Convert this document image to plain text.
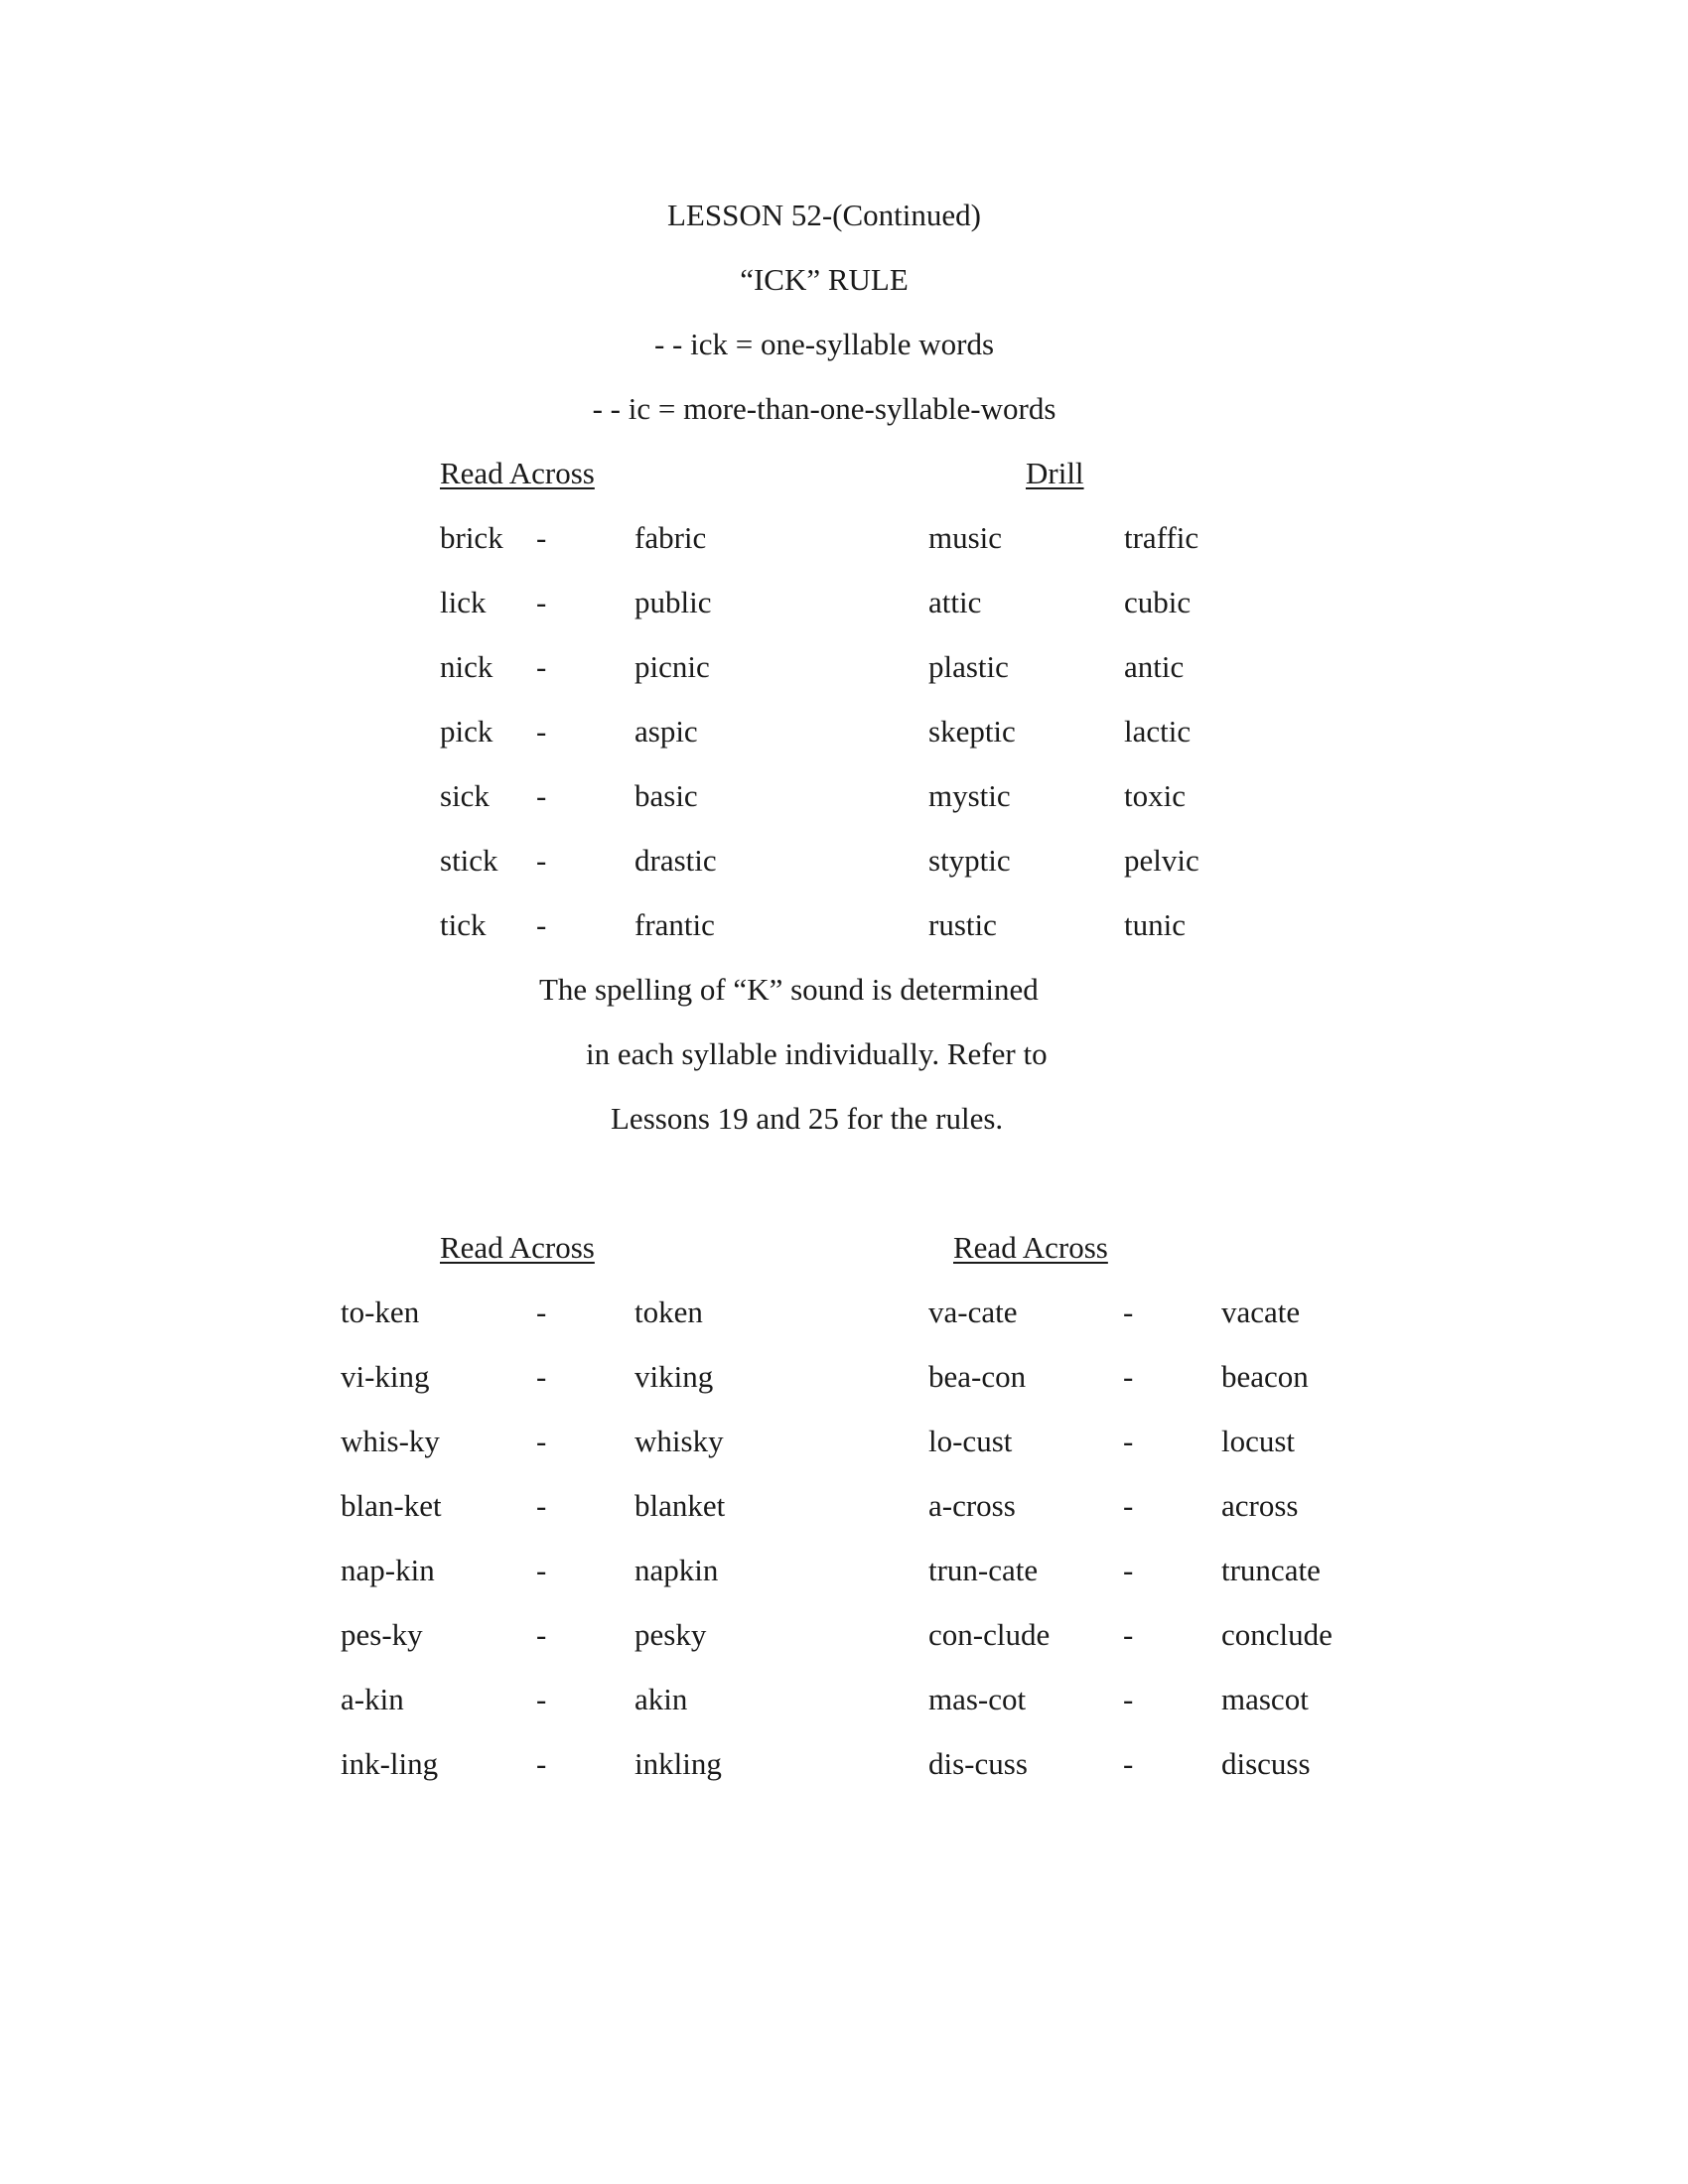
LESSON 52-(Continued)
“ICK” RULE
- - ick = one-syllable words
- - ic = more-than-one-syllable-words
Read Across	Drill
brick -	fabric	music	traffic
lick -	public	attic	cubic
nick -	picnic	plastic	antic
pick -	aspic	skeptic	lactic
sick -	basic	mystic	toxic
stick -	drastic	styptic	pelvic
tick -	frantic	rustic	tunic
The spelling of “K” sound is determined
in each syllable individually. Refer to
Lessons 19 and 25 for the rules.
Read Across	Read Across
to-ken	-	token	va-cate	-	vacate
vi-king	-	viking	bea-con	-	beacon
whis-ky	-	whisky	lo-cust	-	locust
blan-ket	-	blanket	a-cross	-	across
nap-kin	-	napkin	trun-cate	-	truncate
pes-ky	-	pesky	con-clude -	conclude
a-kin	-	akin	mas-cot	-	mascot
ink-ling	-	inkling	dis-cuss	-	discuss
